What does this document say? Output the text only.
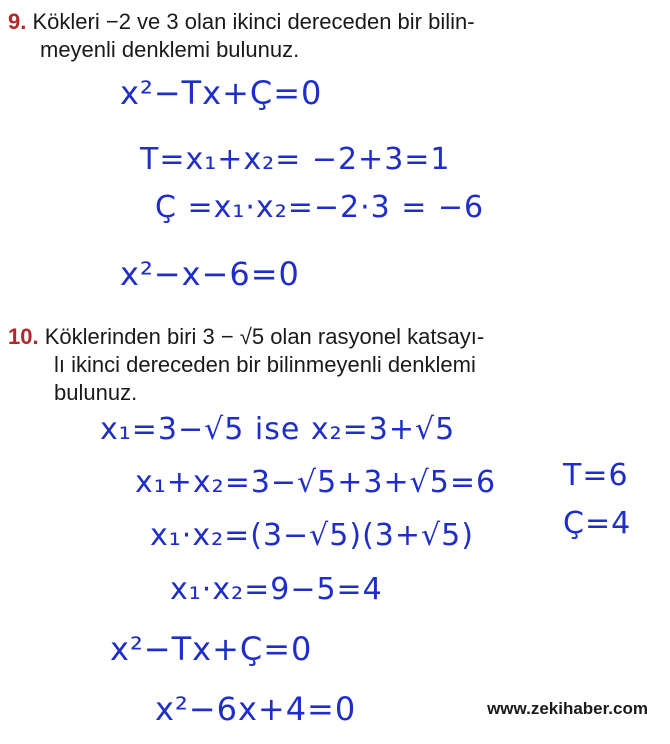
9. Kökleri −2 ve 3 olan ikinci dereceden bir bilin-
meyenli denklemi bulunuz.
x²−Tx+Ç=0
T=x₁+x₂= −2+3=1
Ç =x₁·x₂=−2·3 = −6
x²−x−6=0
10. Köklerinden biri 3 − √5 olan rasyonel katsayı-
lı ikinci dereceden bir bilinmeyenli denklemi
bulunuz.
x₁=3−√5 ise x₂=3+√5
x₁+x₂=3−√5+3+√5=6 T=6
x₁·x₂=(3−√5)(3+√5)	Ç=4
x₁·x₂=9−5=4
x²−Tx+Ç=0
x²−6x+4=0	www.zekihaber.com
